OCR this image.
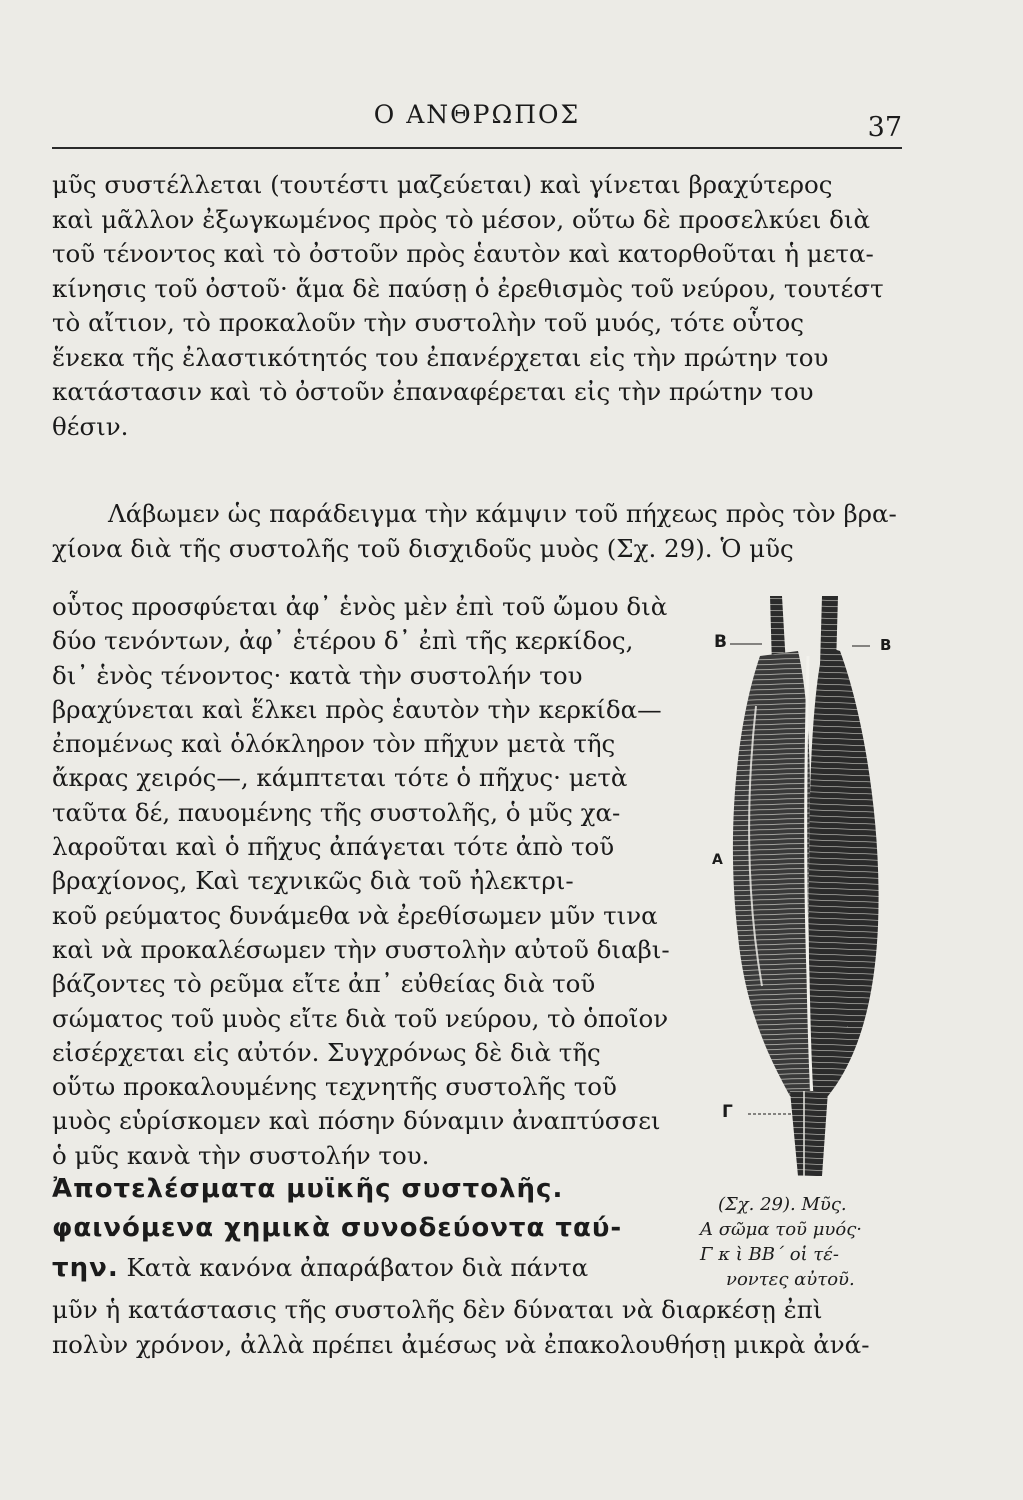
Ο ΑΝΘΡΩΠΟΣ	37
μῦς συστέλλεται (τουτέστι μαζεύεται) καὶ γίνεται βραχύτερος
καὶ μᾶλλον ἐξωγκωμένος πρὸς τὸ μέσον, οὕτω δὲ προσελκύει διὰ
τοῦ τένοντος καὶ τὸ ὀστοῦν πρὸς ἑαυτὸν καὶ κατορθοῦται ἡ μετα-
κίνησις τοῦ ὀστοῦ· ἅμα δὲ παύσῃ ὁ ἐρεθισμὸς τοῦ νεύρου, τουτέστ
τὸ αἴτιον, τὸ προκαλοῦν τὴν συστολὴν τοῦ μυός, τότε οὗτος
ἕνεκα τῆς ἐλαστικότητός του ἐπανέρχεται εἰς τὴν πρώτην του
κατάστασιν καὶ τὸ ὀστοῦν ἐπαναφέρεται εἰς τὴν πρώτην του
θέσιν.
Λάβωμεν ὡς παράδειγμα τὴν κάμψιν τοῦ πήχεως πρὸς τὸν βρα-
χίονα διὰ τῆς συστολῆς τοῦ δισχιδοῦς μυὸς (Σχ. 29). Ὁ μῦς
οὗτος προσφύεται ἀφ᾽ ἑνὸς μὲν ἐπὶ τοῦ ὤμου διὰ
δύο τενόντων, ἀφ᾽ ἑτέρου δ᾽ ἐπὶ τῆς κερκίδος,
δι᾽ ἑνὸς τένοντος· κατὰ τὴν συστολήν του
βραχύνεται καὶ ἕλκει πρὸς ἑαυτὸν τὴν κερκίδα—
ἐπομένως καὶ ὁλόκληρον τὸν πῆχυν μετὰ τῆς
ἄκρας χειρός—, κάμπτεται τότε ὁ πῆχυς· μετὰ
ταῦτα δέ, παυομένης τῆς συστολῆς, ὁ μῦς χα-
λαροῦται καὶ ὁ πῆχυς ἀπάγεται τότε ἀπὸ τοῦ
βραχίονος, Καὶ τεχνικῶς διὰ τοῦ ἠλεκτρι-
κοῦ ρεύματος δυνάμεθα νὰ ἐρεθίσωμεν μῦν τινα
καὶ νὰ προκαλέσωμεν τὴν συστολὴν αὐτοῦ διαβι-
βάζοντες τὸ ρεῦμα εἴτε ἀπ᾽ εὐθείας διὰ τοῦ
σώματος τοῦ μυὸς εἴτε διὰ τοῦ νεύρου, τὸ ὁποῖον
εἰσέρχεται εἰς αὐτόν. Συγχρόνως δὲ διὰ τῆς
οὕτω προκαλουμένης τεχνητῆς συστολῆς τοῦ
μυὸς εὑρίσκομεν καὶ πόσην δύναμιν ἀναπτύσσει
ὁ μῦς κανὰ τὴν συστολήν του.
Ἀποτελέσματα μυϊκῆς συστολῆς.
φαινόμενα χημικὰ συνοδεύοντα ταύ-
την. Κατὰ κανόνα ἀπαράβατον διὰ πάντα
μῦν ἡ κατάστασις τῆς συστολῆς δὲν δύναται νὰ διαρκέσῃ ἐπὶ
πολὺν χρόνον, ἀλλὰ πρέπει ἀμέσως νὰ ἐπακολουθήσῃ μικρὰ ἀνά-
B	B
Α
Γ
(Σχ. 29). Μῦς.
Α σῶμα τοῦ μυός·
Γ κ ὶ ΒΒ΄ οἱ τέ-
νοντες αὐτοῦ.
